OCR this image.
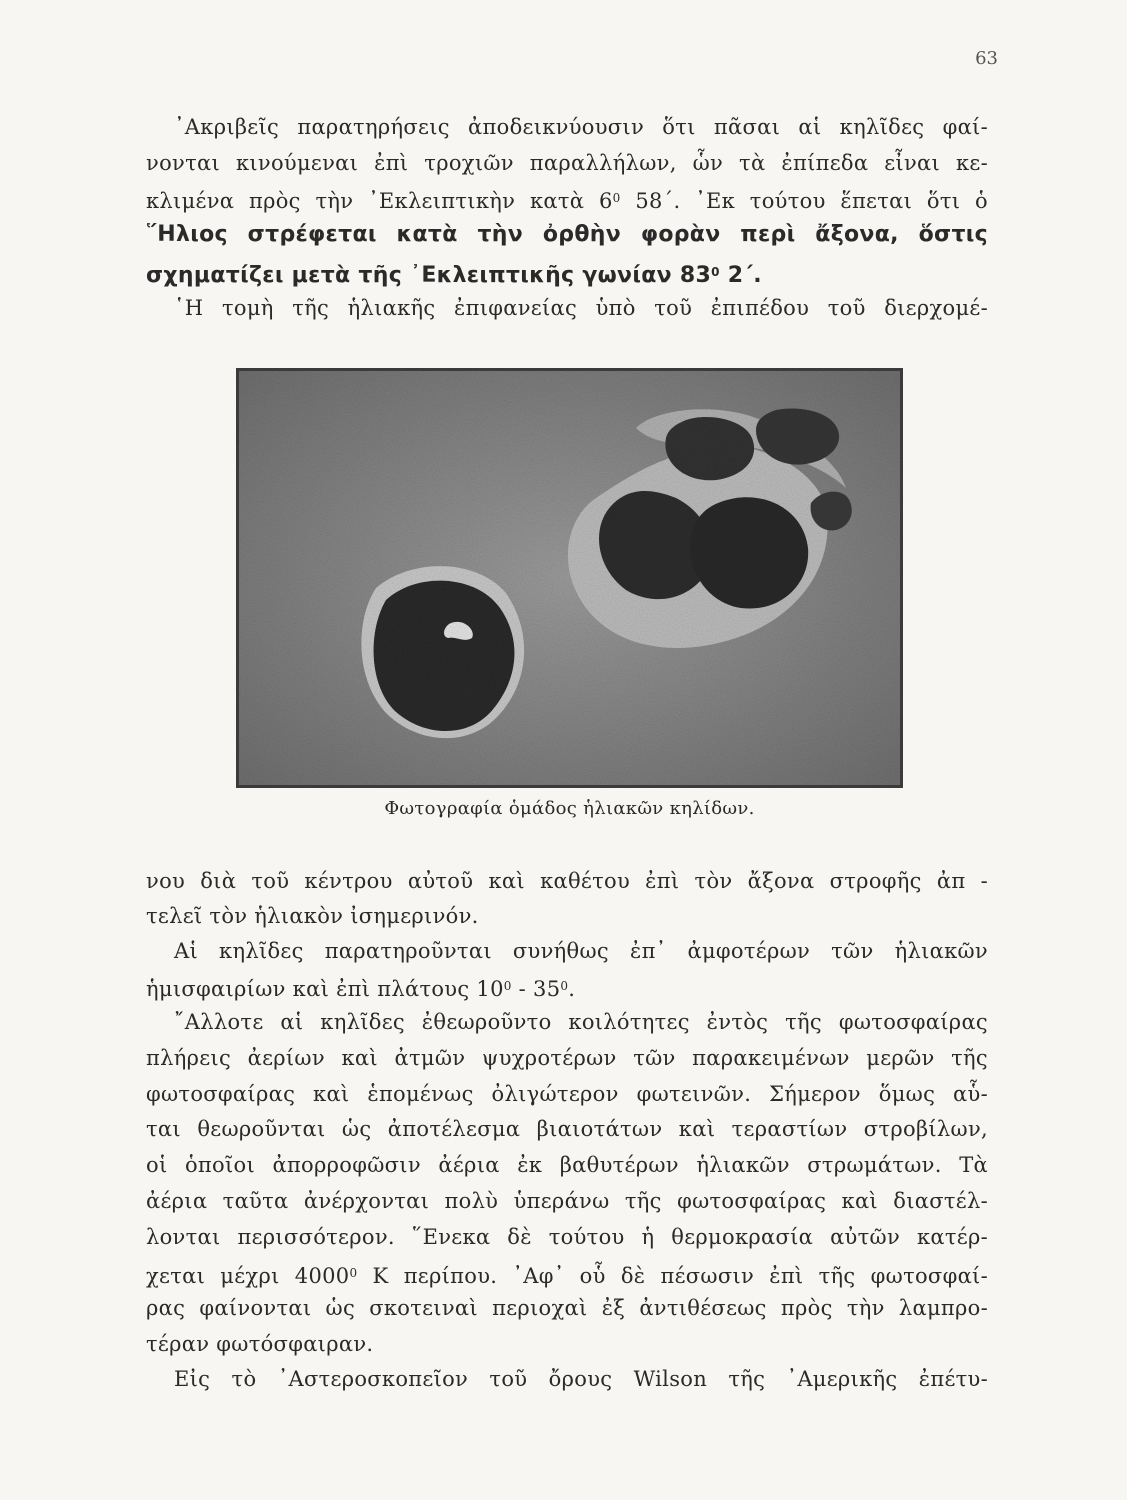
63
᾿Ακριβεῖς παρατηρήσεις ἀποδεικνύουσιν ὅτι πᾶσαι αἱ κηλῖδες φαί-
νονται κινούμεναι ἐπὶ τροχιῶν παραλλήλων, ὧν τὰ ἐπίπεδα εἶναι κε-
κλιμένα πρὸς τὴν ᾿Εκλειπτικὴν κατὰ $6^0$ 58΄. ᾿Εκ τούτου ἕπεται ὅτι ὁ
῞Ηλιος στρέφεται κατὰ τὴν ὀρθὴν φορὰν περὶ ἄξονα, ὅστις
σχηματίζει μετὰ τῆς ᾿Εκλειπτικῆς γωνίαν $83^0$ 2΄.
῾Η τομὴ τῆς ἡλιακῆς ἐπιφανείας ὑπὸ τοῦ ἐπιπέδου τοῦ διερχομέ-
Φωτογραφία ὁμάδος ἡλιακῶν κηλίδων.
νου διὰ τοῦ κέντρου αὐτοῦ καὶ καθέτου ἐπὶ τὸν ἄξονα στροφῆς ἀπ -
τελεῖ τὸν ἡλιακὸν ἰσημερινόν.
Αἱ κηλῖδες παρατηροῦνται συνήθως ἐπ᾿ ἀμφοτέρων τῶν ἡλιακῶν
ἡμισφαιρίων καὶ ἐπὶ πλάτους $10^0 - 35^0$.
῎Αλλοτε αἱ κηλῖδες ἐθεωροῦντο κοιλότητες ἐντὸς τῆς φωτοσφαίρας
πλήρεις ἀερίων καὶ ἀτμῶν ψυχροτέρων τῶν παρακειμένων μερῶν τῆς
φωτοσφαίρας καὶ ἑπομένως ὀλιγώτερον φωτεινῶν. Σήμερον ὅμως αὗ-
ται θεωροῦνται ὡς ἀποτέλεσμα βιαιοτάτων καὶ τεραστίων στροβίλων,
οἱ ὁποῖοι ἀπορροφῶσιν ἀέρια ἐκ βαθυτέρων ἡλιακῶν στρωμάτων. Τὰ
ἀέρια ταῦτα ἀνέρχονται πολὺ ὑπεράνω τῆς φωτοσφαίρας καὶ διαστέλ-
λονται περισσότερον. ῞Ενεκα δὲ τούτου ἡ θερμοκρασία αὐτῶν κατέρ-
χεται μέχρι 4000$^0$ K περίπου. ᾿Αφ᾿ οὗ δὲ πέσωσιν ἐπὶ τῆς φωτοσφαί-
ρας φαίνονται ὡς σκοτειναὶ περιοχαὶ ἐξ ἀντιθέσεως πρὸς τὴν λαμπρο-
τέραν φωτόσφαιραν.
Εἰς τὸ ᾿Αστεροσκοπεῖον τοῦ ὄρους Wilson τῆς ᾿Αμερικῆς ἐπέτυ-
